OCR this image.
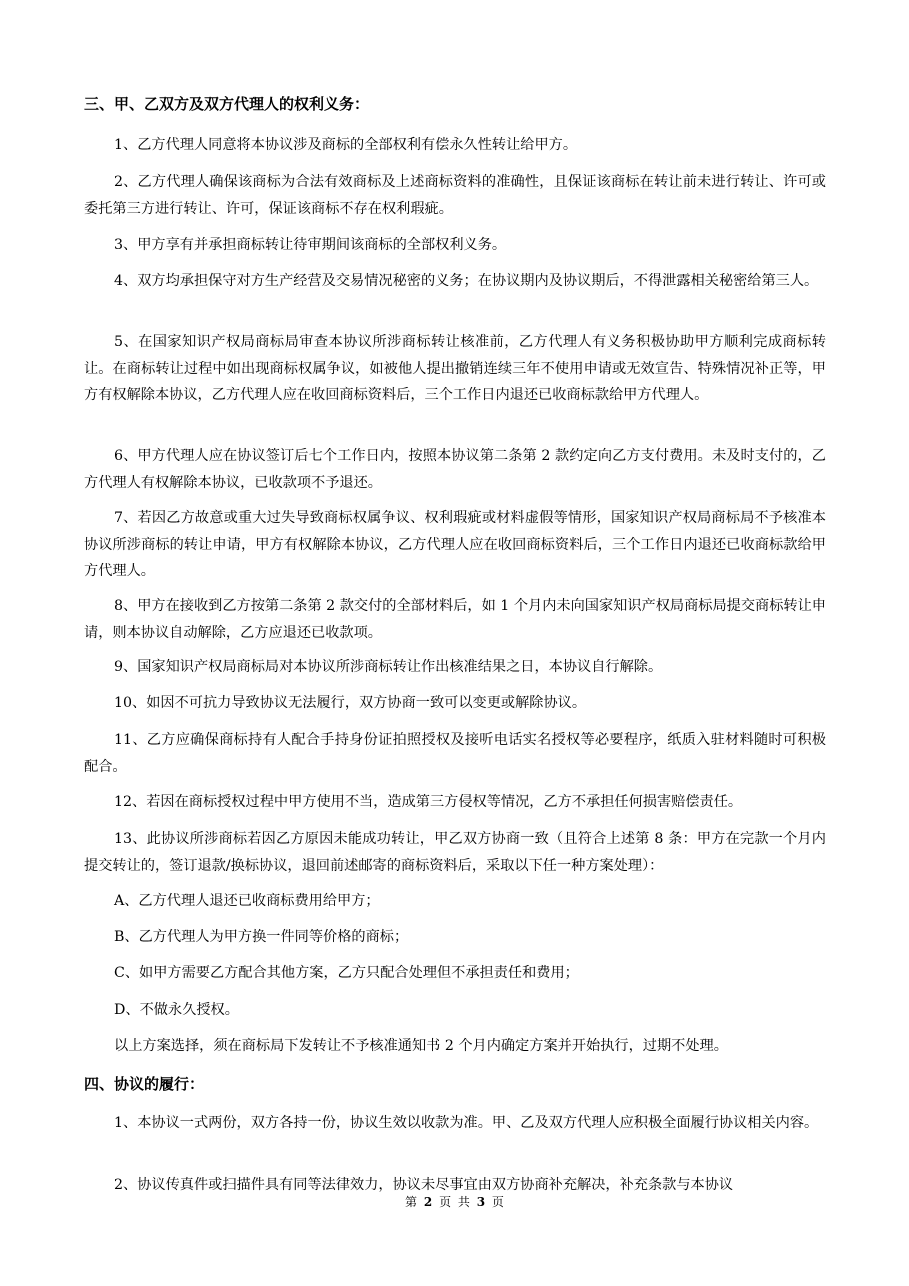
三、甲、乙双方及双方代理人的权利义务：
1、乙方代理人同意将本协议涉及商标的全部权利有偿永久性转让给甲方。
2、乙方代理人确保该商标为合法有效商标及上述商标资料的准确性，且保证该商标在转让前未进行转让、许可或委托第三方进行转让、许可，保证该商标不存在权利瑕疵。
3、甲方享有并承担商标转让待审期间该商标的全部权利义务。
4、双方均承担保守对方生产经营及交易情况秘密的义务；在协议期内及协议期后，不得泄露相关秘密给第三人。
5、在国家知识产权局商标局审查本协议所涉商标转让核准前，乙方代理人有义务积极协助甲方顺利完成商标转让。在商标转让过程中如出现商标权属争议，如被他人提出撤销连续三年不使用申请或无效宣告、特殊情况补正等，甲方有权解除本协议，乙方代理人应在收回商标资料后，三个工作日内退还已收商标款给甲方代理人。
6、甲方代理人应在协议签订后七个工作日内，按照本协议第二条第 2 款约定向乙方支付费用。未及时支付的，乙方代理人有权解除本协议，已收款项不予退还。
7、若因乙方故意或重大过失导致商标权属争议、权利瑕疵或材料虚假等情形，国家知识产权局商标局不予核准本协议所涉商标的转让申请，甲方有权解除本协议，乙方代理人应在收回商标资料后，三个工作日内退还已收商标款给甲方代理人。
8、甲方在接收到乙方按第二条第 2 款交付的全部材料后，如 1 个月内未向国家知识产权局商标局提交商标转让申请，则本协议自动解除，乙方应退还已收款项。
9、国家知识产权局商标局对本协议所涉商标转让作出核准结果之日，本协议自行解除。
10、如因不可抗力导致协议无法履行，双方协商一致可以变更或解除协议。
11、乙方应确保商标持有人配合手持身份证拍照授权及接听电话实名授权等必要程序，纸质入驻材料随时可积极配合。
12、若因在商标授权过程中甲方使用不当，造成第三方侵权等情况，乙方不承担任何损害赔偿责任。
13、此协议所涉商标若因乙方原因未能成功转让，甲乙双方协商一致（且符合上述第 8 条：甲方在完款一个月内提交转让的，签订退款/换标协议，退回前述邮寄的商标资料后，采取以下任一种方案处理）：
A、乙方代理人退还已收商标费用给甲方；
B、乙方代理人为甲方换一件同等价格的商标；
C、如甲方需要乙方配合其他方案，乙方只配合处理但不承担责任和费用；
D、不做永久授权。
以上方案选择，须在商标局下发转让不予核准通知书 2 个月内确定方案并开始执行，过期不处理。
四、协议的履行：
1、本协议一式两份，双方各持一份，协议生效以收款为准。甲、乙及双方代理人应积极全面履行协议相关内容。
2、协议传真件或扫描件具有同等法律效力，协议未尽事宜由双方协商补充解决，补充条款与本协议
第 2 页 共 3 页
